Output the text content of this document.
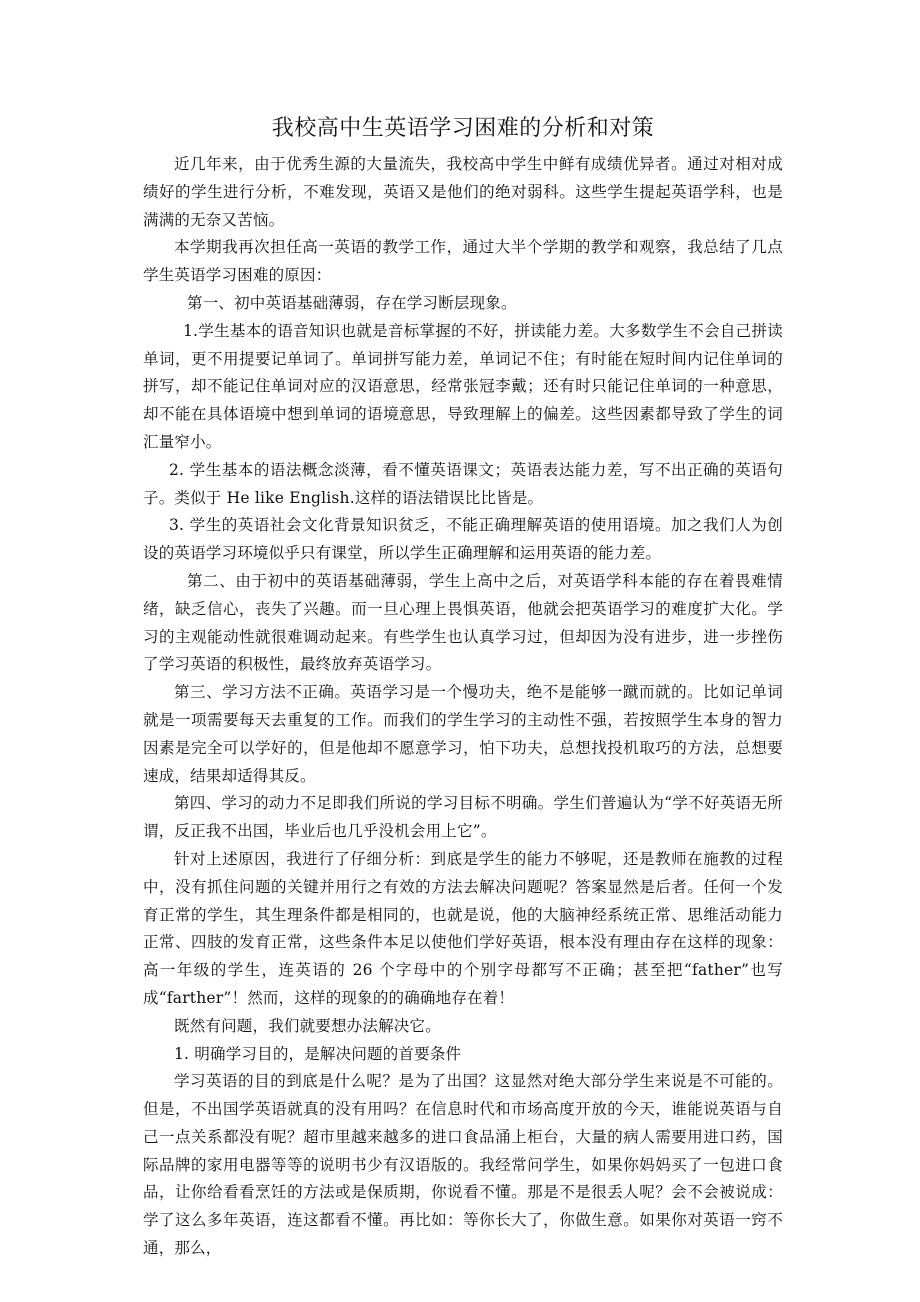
我校高中生英语学习困难的分析和对策

近几年来，由于优秀生源的大量流失，我校高中学生中鲜有成绩优异者。通过对相对成绩好的学生进行分析，不难发现，英语又是他们的绝对弱科。这些学生提起英语学科，也是满满的无奈又苦恼。

本学期我再次担任高一英语的教学工作，通过大半个学期的教学和观察，我总结了几点学生英语学习困难的原因：

第一、初中英语基础薄弱，存在学习断层现象。

1.学生基本的语音知识也就是音标掌握的不好，拼读能力差。大多数学生不会自己拼读单词，更不用提要记单词了。单词拼写能力差，单词记不住；有时能在短时间内记住单词的拼写，却不能记住单词对应的汉语意思，经常张冠李戴；还有时只能记住单词的一种意思，却不能在具体语境中想到单词的语境意思，导致理解上的偏差。这些因素都导致了学生的词汇量窄小。

2. 学生基本的语法概念淡薄，看不懂英语课文；英语表达能力差，写不出正确的英语句子。类似于 He like English.这样的语法错误比比皆是。

3. 学生的英语社会文化背景知识贫乏，不能正确理解英语的使用语境。加之我们人为创设的英语学习环境似乎只有课堂，所以学生正确理解和运用英语的能力差。

第二、由于初中的英语基础薄弱，学生上高中之后，对英语学科本能的存在着畏难情绪，缺乏信心，丧失了兴趣。而一旦心理上畏惧英语，他就会把英语学习的难度扩大化。学习的主观能动性就很难调动起来。有些学生也认真学习过，但却因为没有进步，进一步挫伤了学习英语的积极性，最终放弃英语学习。

第三、学习方法不正确。英语学习是一个慢功夫，绝不是能够一蹴而就的。比如记单词就是一项需要每天去重复的工作。而我们的学生学习的主动性不强，若按照学生本身的智力因素是完全可以学好的，但是他却不愿意学习，怕下功夫，总想找投机取巧的方法，总想要速成，结果却适得其反。

第四、学习的动力不足即我们所说的学习目标不明确。学生们普遍认为“学不好英语无所谓，反正我不出国，毕业后也几乎没机会用上它”。

针对上述原因，我进行了仔细分析：到底是学生的能力不够呢，还是教师在施教的过程中，没有抓住问题的关键并用行之有效的方法去解决问题呢？答案显然是后者。任何一个发育正常的学生，其生理条件都是相同的，也就是说，他的大脑神经系统正常、思维活动能力正常、四肢的发育正常，这些条件本足以使他们学好英语，根本没有理由存在这样的现象：高一年级的学生，连英语的 26 个字母中的个别字母都写不正确；甚至把“father”也写成“farther”！然而，这样的现象的的确确地存在着！

既然有问题，我们就要想办法解决它。

1. 明确学习目的，是解决问题的首要条件

学习英语的目的到底是什么呢？是为了出国？这显然对绝大部分学生来说是不可能的。但是，不出国学英语就真的没有用吗？在信息时代和市场高度开放的今天，谁能说英语与自己一点关系都没有呢？超市里越来越多的进口食品涌上柜台，大量的病人需要用进口药，国际品牌的家用电器等等的说明书少有汉语版的。我经常问学生，如果你妈妈买了一包进口食品，让你给看看烹饪的方法或是保质期，你说看不懂。那是不是很丢人呢？会不会被说成：学了这么多年英语，连这都看不懂。再比如：等你长大了，你做生意。如果你对英语一窍不通，那么，
